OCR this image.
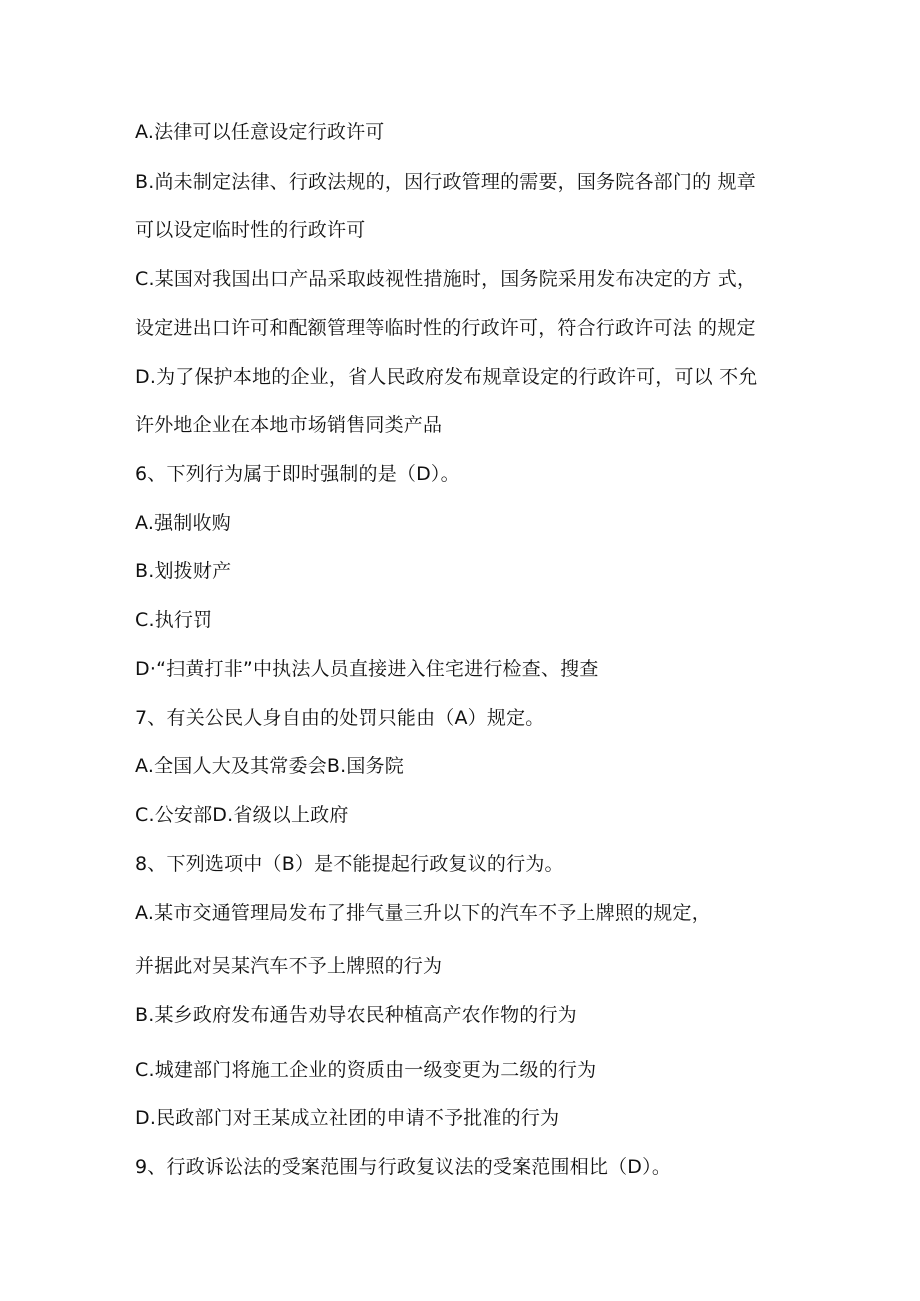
A.法律可以任意设定行政许可
B.尚未制定法律、行政法规的，因行政管理的需要，国务院各部门的 规章
可以设定临时性的行政许可
C.某国对我国出口产品采取歧视性措施时，国务院采用发布决定的方 式，
设定进出口许可和配额管理等临时性的行政许可，符合行政许可法 的规定
D.为了保护本地的企业，省人民政府发布规章设定的行政许可，可以 不允
许外地企业在本地市场销售同类产品
6、下列行为属于即时强制的是（D）。
A.强制收购
B.划拨财产
C.执行罚
D·“扫黄打非”中执法人员直接进入住宅进行检查、搜查
7、有关公民人身自由的处罚只能由（A）规定。
A.全国人大及其常委会B.国务院
C.公安部D.省级以上政府
8、下列选项中（B）是不能提起行政复议的行为。
A.某市交通管理局发布了排气量三升以下的汽车不予上牌照的规定，
并据此对吴某汽车不予上牌照的行为
B.某乡政府发布通告劝导农民种植高产农作物的行为
C.城建部门将施工企业的资质由一级变更为二级的行为
D.民政部门对王某成立社团的申请不予批准的行为
9、行政诉讼法的受案范围与行政复议法的受案范围相比（D）。
